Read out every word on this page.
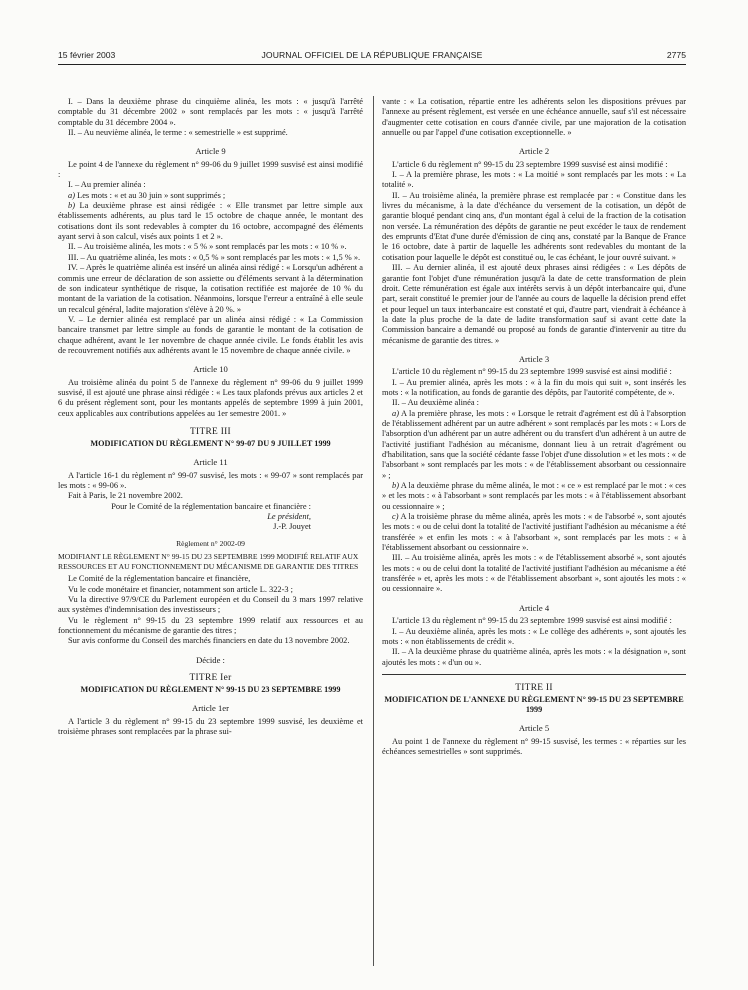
15 février 2003	JOURNAL OFFICIEL DE LA RÉPUBLIQUE FRANÇAISE	2775

I. – Dans la deuxième phrase du cinquième alinéa, les mots : « jusqu'à l'arrêté comptable du 31 décembre 2002 » sont remplacés par les mots : « jusqu'à l'arrêté comptable du 31 décembre 2004 ».

II. – Au neuvième alinéa, le terme : « semestrielle » est supprimé.

Article 9

Le point 4 de l'annexe du règlement n° 99-06 du 9 juillet 1999 susvisé est ainsi modifié :

I. – Au premier alinéa :

a) Les mots : « et au 30 juin » sont supprimés ;

b) La deuxième phrase est ainsi rédigée : « Elle transmet par lettre simple aux établissements adhérents, au plus tard le 15 octobre de chaque année, le montant des cotisations dont ils sont redevables à compter du 16 octobre, accompagné des éléments ayant servi à son calcul, visés aux points 1 et 2 ».

II. – Au troisième alinéa, les mots : « 5 % » sont remplacés par les mots : « 10 % ».

III. – Au quatrième alinéa, les mots : « 0,5 % » sont remplacés par les mots : « 1,5 % ».

IV. – Après le quatrième alinéa est inséré un alinéa ainsi rédigé : « Lorsqu'un adhérent a commis une erreur de déclaration de son assiette ou d'éléments servant à la détermination de son indicateur synthétique de risque, la cotisation rectifiée est majorée de 10 % du montant de la variation de la cotisation. Néanmoins, lorsque l'erreur a entraîné à elle seule un recalcul général, ladite majoration s'élève à 20 %. »

V. – Le dernier alinéa est remplacé par un alinéa ainsi rédigé : « La Commission bancaire transmet par lettre simple au fonds de garantie le montant de la cotisation de chaque adhérent, avant le 1er novembre de chaque année civile. Le fonds établit les avis de recouvrement notifiés aux adhérents avant le 15 novembre de chaque année civile. »

Article 10

Au troisième alinéa du point 5 de l'annexe du règlement n° 99-06 du 9 juillet 1999 susvisé, il est ajouté une phrase ainsi rédigée : « Les taux plafonds prévus aux articles 2 et 6 du présent règlement sont, pour les montants appelés de septembre 1999 à juin 2001, ceux applicables aux contributions appelées au 1er semestre 2001. »

TITRE III

MODIFICATION DU RÈGLEMENT N° 99-07 DU 9 JUILLET 1999

Article 11

A l'article 16-1 du règlement n° 99-07 susvisé, les mots : « 99-07 » sont remplacés par les mots : « 99-06 ».

Fait à Paris, le 21 novembre 2002.

Pour le Comité de la réglementation bancaire et financière :

Le président,

J.-P. Jouyet

Règlement n° 2002-09

MODIFIANT LE RÈGLEMENT N° 99-15 DU 23 SEPTEMBRE 1999 MODIFIÉ RELATIF AUX RESSOURCES ET AU FONCTIONNEMENT DU MÉCANISME DE GARANTIE DES TITRES

Le Comité de la réglementation bancaire et financière,

Vu le code monétaire et financier, notamment son article L. 322-3 ;

Vu la directive 97/9/CE du Parlement européen et du Conseil du 3 mars 1997 relative aux systèmes d'indemnisation des investisseurs ;

Vu le règlement n° 99-15 du 23 septembre 1999 relatif aux ressources et au fonctionnement du mécanisme de garantie des titres ;

Sur avis conforme du Conseil des marchés financiers en date du 13 novembre 2002.

Décide :

TITRE Ier

MODIFICATION DU RÈGLEMENT N° 99-15 DU 23 SEPTEMBRE 1999

Article 1er

A l'article 3 du règlement n° 99-15 du 23 septembre 1999 susvisé, les deuxième et troisième phrases sont remplacées par la phrase sui-

vante : « La cotisation, répartie entre les adhérents selon les dispositions prévues par l'annexe au présent règlement, est versée en une échéance annuelle, sauf s'il est nécessaire d'augmenter cette cotisation en cours d'année civile, par une majoration de la cotisation annuelle ou par l'appel d'une cotisation exceptionnelle. »

Article 2

L'article 6 du règlement n° 99-15 du 23 septembre 1999 susvisé est ainsi modifié :

I. – A la première phrase, les mots : « La moitié » sont remplacés par les mots : « La totalité ».

II. – Au troisième alinéa, la première phrase est remplacée par : « Constitue dans les livres du mécanisme, à la date d'échéance du versement de la cotisation, un dépôt de garantie bloqué pendant cinq ans, d'un montant égal à celui de la fraction de la cotisation non versée. La rémunération des dépôts de garantie ne peut excéder le taux de rendement des emprunts d'Etat d'une durée d'émission de cinq ans, constaté par la Banque de France le 16 octobre, date à partir de laquelle les adhérents sont redevables du montant de la cotisation pour laquelle le dépôt est constitué ou, le cas échéant, le jour ouvré suivant. »

III. – Au dernier alinéa, il est ajouté deux phrases ainsi rédigées : « Les dépôts de garantie font l'objet d'une rémunération jusqu'à la date de cette transformation de plein droit. Cette rémunération est égale aux intérêts servis à un dépôt interbancaire qui, d'une part, serait constitué le premier jour de l'année au cours de laquelle la décision prend effet et pour lequel un taux interbancaire est constaté et qui, d'autre part, viendrait à échéance à la date la plus proche de la date de ladite transformation sauf si avant cette date la Commission bancaire a demandé ou proposé au fonds de garantie d'intervenir au titre du mécanisme de garantie des titres. »

Article 3

L'article 10 du règlement n° 99-15 du 23 septembre 1999 susvisé est ainsi modifié :

I. – Au premier alinéa, après les mots : « à la fin du mois qui suit », sont insérés les mots : « la notification, au fonds de garantie des dépôts, par l'autorité compétente, de ».

II. – Au deuxième alinéa :

a) A la première phrase, les mots : « Lorsque le retrait d'agrément est dû à l'absorption de l'établissement adhérent par un autre adhérent » sont remplacés par les mots : « Lors de l'absorption d'un adhérent par un autre adhérent ou du transfert d'un adhérent à un autre de l'activité justifiant l'adhésion au mécanisme, donnant lieu à un retrait d'agrément ou d'habilitation, sans que la société cédante fasse l'objet d'une dissolution » et les mots : « de l'absorbant » sont remplacés par les mots : « de l'établissement absorbant ou cessionnaire » ;

b) A la deuxième phrase du même alinéa, le mot : « ce » est remplacé par le mot : « ces » et les mots : « à l'absorbant » sont remplacés par les mots : « à l'établissement absorbant ou cessionnaire » ;

c) A la troisième phrase du même alinéa, après les mots : « de l'absorbé », sont ajoutés les mots : « ou de celui dont la totalité de l'activité justifiant l'adhésion au mécanisme a été transférée » et enfin les mots : « à l'absorbant », sont remplacés par les mots : « à l'établissement absorbant ou cessionnaire ».

III. – Au troisième alinéa, après les mots : « de l'établissement absorbé », sont ajoutés les mots : « ou de celui dont la totalité de l'activité justifiant l'adhésion au mécanisme a été transférée » et, après les mots : « de l'établissement absorbant », sont ajoutés les mots : « ou cessionnaire ».

Article 4

L'article 13 du règlement n° 99-15 du 23 septembre 1999 susvisé est ainsi modifié :

I. – Au deuxième alinéa, après les mots : « Le collège des adhérents », sont ajoutés les mots : « non établissements de crédit ».

II. – A la deuxième phrase du quatrième alinéa, après les mots : « la désignation », sont ajoutés les mots : « d'un ou ».

TITRE II

MODIFICATION DE L'ANNEXE DU RÈGLEMENT N° 99-15 DU 23 SEPTEMBRE 1999

Article 5

Au point 1 de l'annexe du règlement n° 99-15 susvisé, les termes : « réparties sur les échéances semestrielles » sont supprimés.
